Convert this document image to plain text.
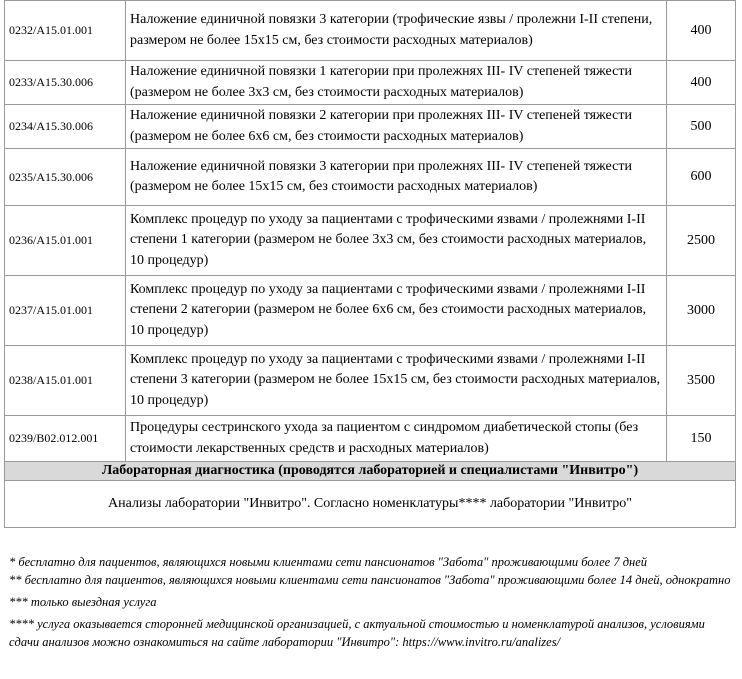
0232/A15.01.001	Наложение единичной повязки 3 категории (трофические язвы / пролежни I-II степени, размером не более 15х15 см, без стоимости расходных материалов)	400
0233/A15.30.006	Наложение единичной повязки 1 категории при пролежнях III- IV степеней тяжести (размером не более 3х3 см, без стоимости расходных материалов)	400
0234/A15.30.006	Наложение единичной повязки 2 категории при пролежнях III- IV степеней тяжести (размером не более 6х6 см, без стоимости расходных материалов)	500
0235/A15.30.006	Наложение единичной повязки 3 категории при пролежнях III- IV степеней тяжести (размером не более 15х15 см, без стоимости расходных материалов)	600
0236/A15.01.001	Комплекс процедур по уходу за пациентами с трофическими язвами / пролежнями I-II степени 1 категории (размером не более 3х3 см, без стоимости расходных материалов, 10 процедур)	2500
0237/A15.01.001	Комплекс процедур по уходу за пациентами с трофическими язвами / пролежнями I-II степени 2 категории (размером не более 6х6 см, без стоимости расходных материалов, 10 процедур)	3000
0238/A15.01.001	Комплекс процедур по уходу за пациентами с трофическими язвами / пролежнями I-II степени 3 категории (размером не более 15х15 см, без стоимости расходных материалов, 10 процедур)	3500
0239/B02.012.001	Процедуры сестринского ухода за пациентом с синдромом диабетической стопы (без стоимости лекарственных средств и расходных материалов)	150
Лабораторная диагностика (проводятся лабораторией и специалистами "Инвитро")		
Анализы лаборатории "Инвитро". Согласно номенклатуры**** лаборатории "Инвитро"		

* бесплатно для пациентов, являющихся новыми клиентами сети пансионатов "Забота" проживающими более 7 дней

** бесплатно для пациентов, являющихся новыми клиентами сети пансионатов "Забота" проживающими более 14 дней, однократно

*** только выездная услуга

**** услуга оказывается сторонней медицинской организацией, с актуальной стоимостью и номенклатурой анализов, условиями сдачи анализов можно ознакомиться на сайте лаборатории "Инвитро": https://www.invitro.ru/analizes/
